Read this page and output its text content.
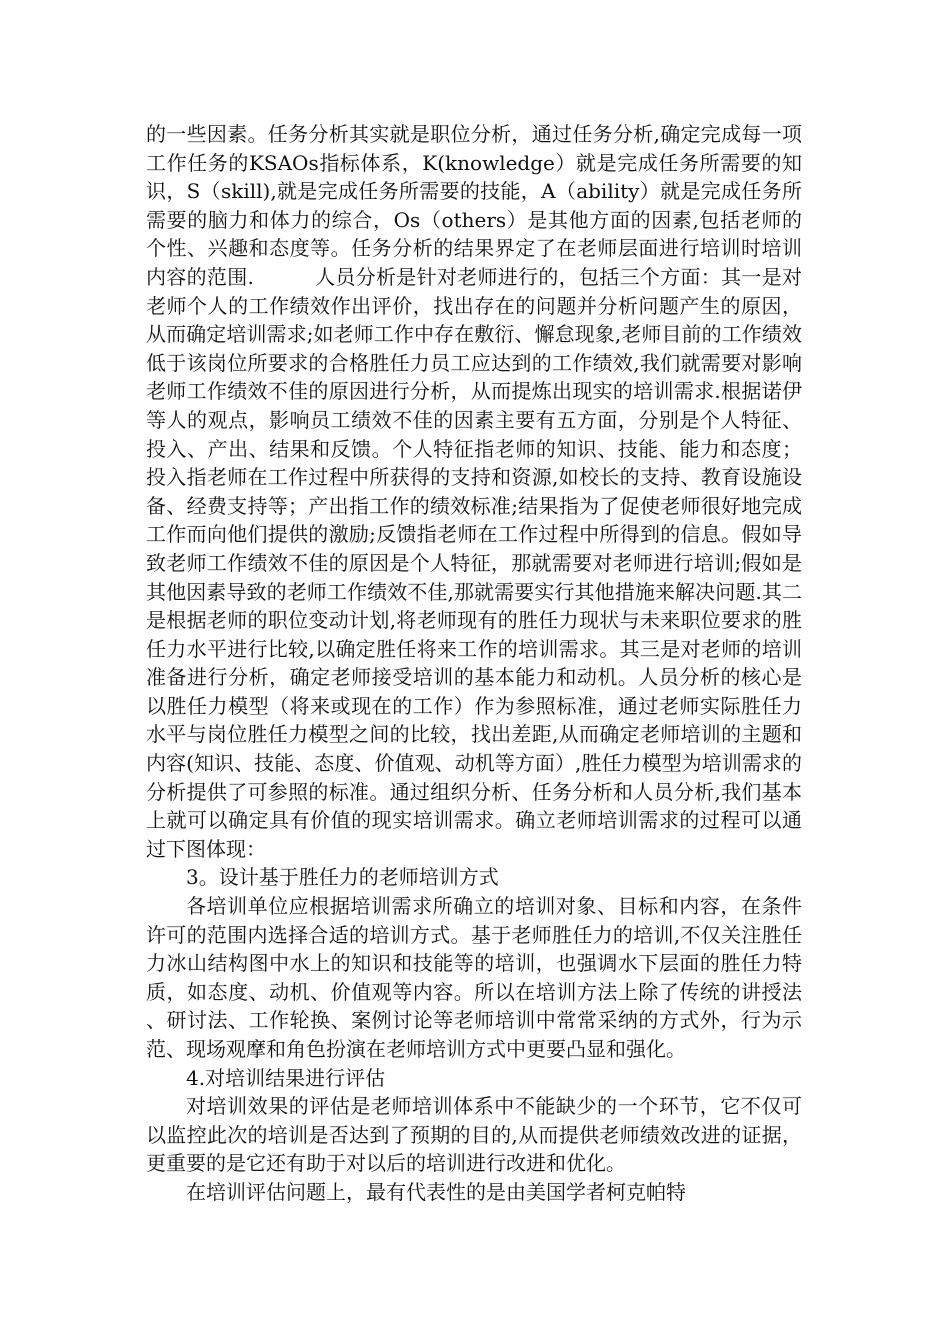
的一些因素。任务分析其实就是职位分析，通过任务分析,确定完成每一项工作任务的KSAOs指标体系，K(knowledge）就是完成任务所需要的知识，S（skill),就是完成任务所需要的技能，A（ability）就是完成任务所需要的脑力和体力的综合，Os（others）是其他方面的因素,包括老师的个性、兴趣和态度等。任务分析的结果界定了在老师层面进行培训时培训内容的范围.　　　人员分析是针对老师进行的，包括三个方面：其一是对老师个人的工作绩效作出评价，找出存在的问题并分析问题产生的原因，从而确定培训需求;如老师工作中存在敷衍、懈怠现象,老师目前的工作绩效低于该岗位所要求的合格胜任力员工应达到的工作绩效,我们就需要对影响老师工作绩效不佳的原因进行分析，从而提炼出现实的培训需求.根据诺伊等人的观点，影响员工绩效不佳的因素主要有五方面，分别是个人特征、投入、产出、结果和反馈。个人特征指老师的知识、技能、能力和态度；投入指老师在工作过程中所获得的支持和资源,如校长的支持、教育设施设备、经费支持等；产出指工作的绩效标准;结果指为了促使老师很好地完成工作而向他们提供的激励;反馈指老师在工作过程中所得到的信息。假如导致老师工作绩效不佳的原因是个人特征，那就需要对老师进行培训;假如是其他因素导致的老师工作绩效不佳,那就需要实行其他措施来解决问题.其二是根据老师的职位变动计划,将老师现有的胜任力现状与未来职位要求的胜任力水平进行比较,以确定胜任将来工作的培训需求。其三是对老师的培训准备进行分析，确定老师接受培训的基本能力和动机。人员分析的核心是以胜任力模型（将来或现在的工作）作为参照标准，通过老师实际胜任力水平与岗位胜任力模型之间的比较，找出差距,从而确定老师培训的主题和内容(知识、技能、态度、价值观、动机等方面）,胜任力模型为培训需求的分析提供了可参照的标准。通过组织分析、任务分析和人员分析,我们基本上就可以确定具有价值的现实培训需求。确立老师培训需求的过程可以通过下图体现：

3。设计基于胜任力的老师培训方式

各培训单位应根据培训需求所确立的培训对象、目标和内容，在条件许可的范围内选择合适的培训方式。基于老师胜任力的培训,不仅关注胜任力冰山结构图中水上的知识和技能等的培训，也强调水下层面的胜任力特质，如态度、动机、价值观等内容。所以在培训方法上除了传统的讲授法、研讨法、工作轮换、案例讨论等老师培训中常常采纳的方式外，行为示范、现场观摩和角色扮演在老师培训方式中更要凸显和强化。

4.对培训结果进行评估

对培训效果的评估是老师培训体系中不能缺少的一个环节，它不仅可以监控此次的培训是否达到了预期的目的,从而提供老师绩效改进的证据，更重要的是它还有助于对以后的培训进行改进和优化。

在培训评估问题上，最有代表性的是由美国学者柯克帕特
